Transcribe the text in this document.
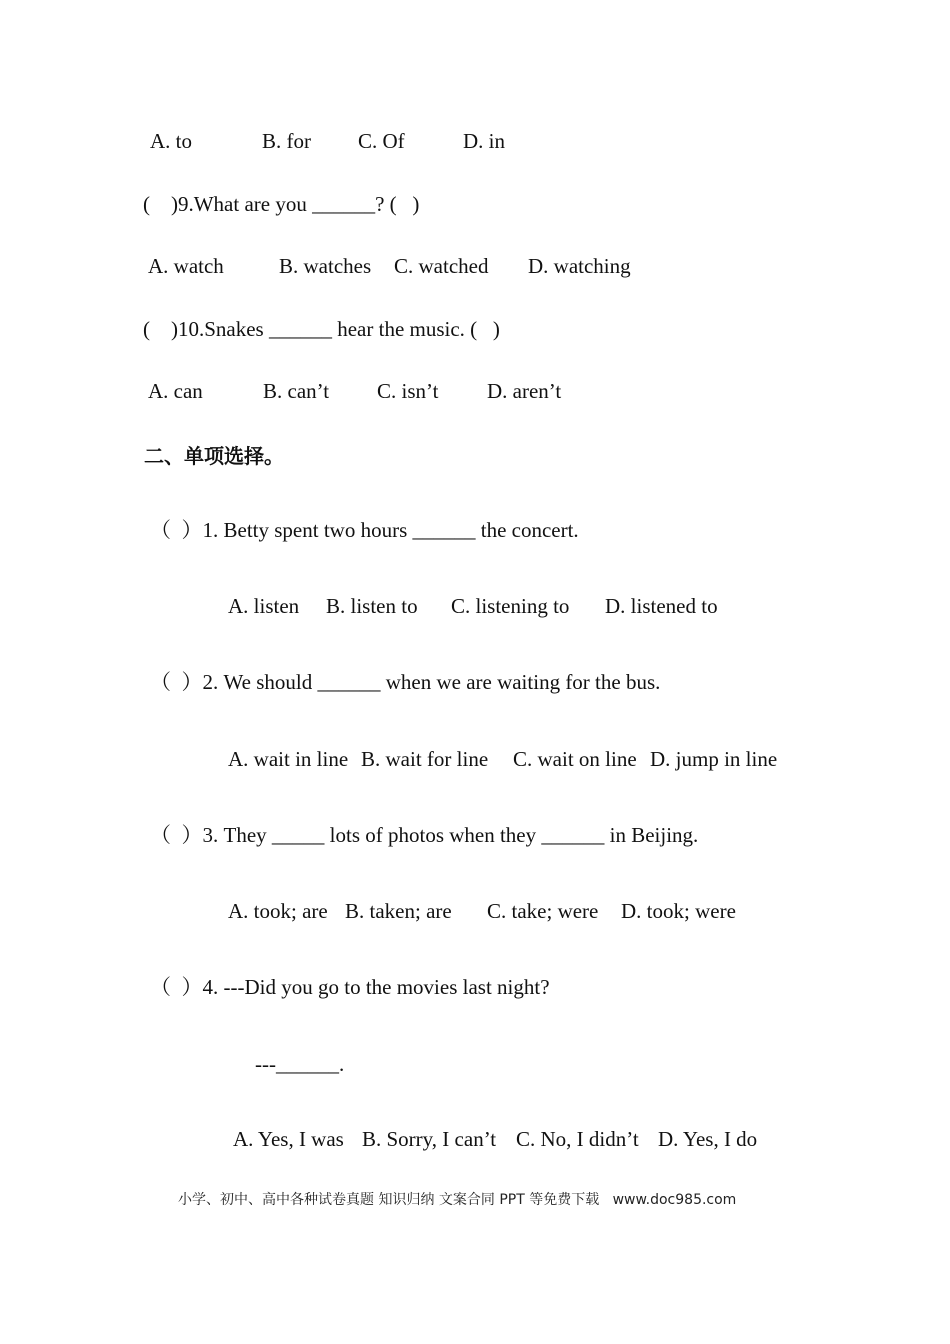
A. to	B. for C. Of	D. in
(    )9.What are you ______? (   )
A. watch	B. watches C. watched D. watching
(    )10.Snakes ______ hear the music. (   )
A. can	B. can’t C. isn’t D. aren’t
二、单项选择。
（  ）1. Betty spent two hours ______ the concert.
A. listen B. listen to C. listening to D. listened to
（  ）2. We should ______ when we are waiting for the bus.
A. wait in line B. wait for line C. wait on line D. jump in line
（  ）3. They _____ lots of photos when they ______ in Beijing.
A. took; are B. taken; are C. take; were D. took; were
（  ）4. ---Did you go to the movies last night?
---______.
A. Yes, I was B. Sorry, I can’t C. No, I didn’t D. Yes, I do
小学、初中、高中各种试卷真题 知识归纳 文案合同 PPT 等免费下载   www.doc985.com
